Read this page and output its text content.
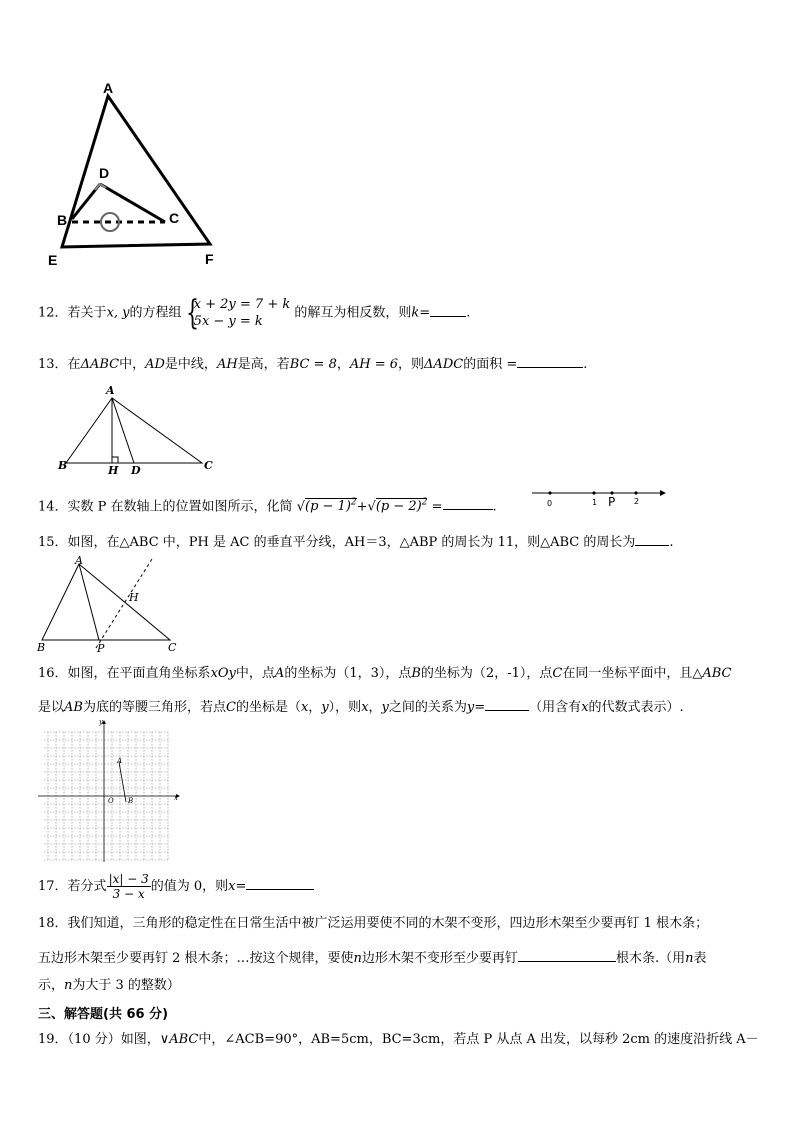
A
D
B	C
E	F
12．若关于x, y的方程组 {
x + 2y = 7 + k
5x − y = k
的解互为相反数，则k=	.
13．在ΔABC中，AD是中线，AH是高，若BC = 8，AH = 6，则ΔADC的面积 =	.
A
B	H D	C
14．实数 P 在数轴上的位置如图所示，化简 $√(p - 1)^2+√(p - 2)^2$ =	.	0	1 P 2
15．如图，在△ABC 中，PH 是 AC 的垂直平分线，AH＝3，△ABP 的周长为 11，则△ABC 的周长为	.
A
H
B	P	C
16．如图，在平面直角坐标系xOy中，点A的坐标为（1，3），点B的坐标为（2，-1），点C在同一坐标平面中，且△ABC
是以AB为底的等腰三角形，若点C的坐标是（x，y），则x，y之间的关系为y=	（用含有x的代数式表示）.
y
x
O
A
B
17．若分式 $\frac{|x| - 3}{3 - x}$ 的值为 0，则x=
18．我们知道，三角形的稳定性在日常生活中被广泛运用要使不同的木架不变形，四边形木架至少要再钉 1 根木条；
五边形木架至少要再钉 2 根木条；…按这个规律，要使n边形木架不变形至少要再钉	根木条.（用n表
示，n为大于 3 的整数）
三、解答题(共 66 分)
19．（10 分）如图，∨ABC中，∠ACB=90°，AB=5cm，BC=3cm，若点 P 从点 A 出发，以每秒 2cm 的速度沿折线 A－
